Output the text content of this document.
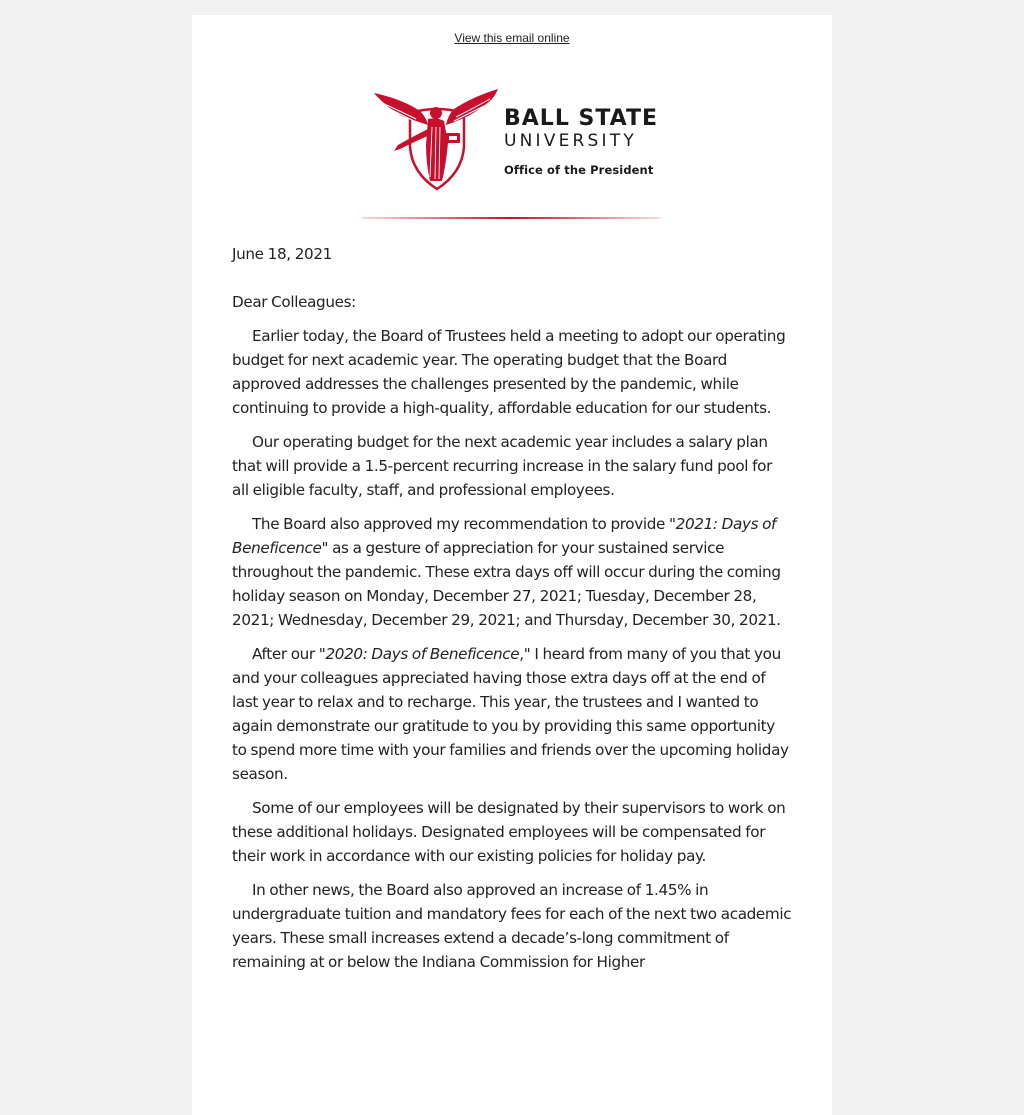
View this email online
BALL STATE
UNIVERSITY
Office of the President

June 18, 2021

Dear Colleagues:

Earlier today, the Board of Trustees held a meeting to adopt our operating budget for next academic year. The operating budget that the Board approved addresses the challenges presented by the pandemic, while continuing to provide a high-quality, affordable education for our students.

Our operating budget for the next academic year includes a salary plan that will provide a 1.5-percent recurring increase in the salary fund pool for all eligible faculty, staff, and professional employees.

The Board also approved my recommendation to provide "2021: Days of Beneficence" as a gesture of appreciation for your sustained service throughout the pandemic. These extra days off will occur during the coming holiday season on Monday, December 27, 2021; Tuesday, December 28, 2021; Wednesday, December 29, 2021; and Thursday, December 30, 2021.

After our "2020: Days of Beneficence," I heard from many of you that you and your colleagues appreciated having those extra days off at the end of last year to relax and to recharge. This year, the trustees and I wanted to again demonstrate our gratitude to you by providing this same opportunity to spend more time with your families and friends over the upcoming holiday season.

Some of our employees will be designated by their supervisors to work on these additional holidays. Designated employees will be compensated for their work in accordance with our existing policies for holiday pay.

In other news, the Board also approved an increase of 1.45% in undergraduate tuition and mandatory fees for each of the next two academic years. These small increases extend a decade’s-long commitment of remaining at or below the Indiana Commission for Higher
